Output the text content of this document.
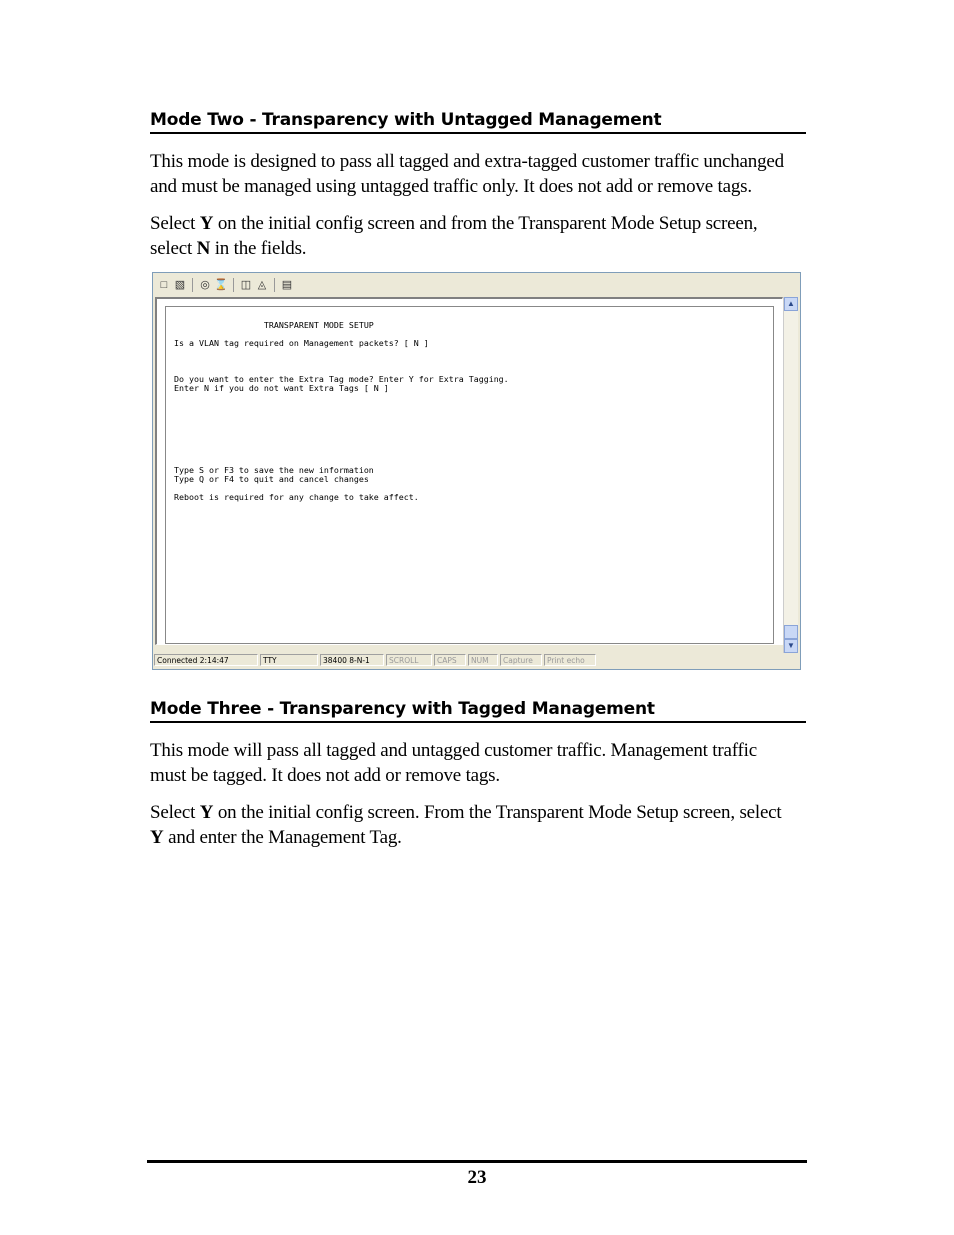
Mode Two - Transparency with Untagged Management
This mode is designed to pass all tagged and extra-tagged customer traffic unchanged
and must be managed using untagged traffic only. It does not add or remove tags.
Select Y on the initial config screen and from the Transparent Mode Setup screen,
select N in the fields.
□ ▧ ◎ ⌛ ◫ ◬ ▤
TRANSPARENT MODE SETUP
Is a VLAN tag required on Management packets? [ N ]
Do you want to enter the Extra Tag mode? Enter Y for Extra Tagging.
Enter N if you do not want Extra Tags [ N ]
Type S or F3 to save the new information
Type Q or F4 to quit and cancel changes
Reboot is required for any change to take affect.
▲
▼
Connected 2:14:47	TTY	38400 8-N-1	SCROLL	CAPS	NUM	Capture	Print echo
Mode Three - Transparency with Tagged Management
This mode will pass all tagged and untagged customer traffic. Management traffic
must be tagged. It does not add or remove tags.
Select Y on the initial config screen. From the Transparent Mode Setup screen, select
Y and enter the Management Tag.
23
